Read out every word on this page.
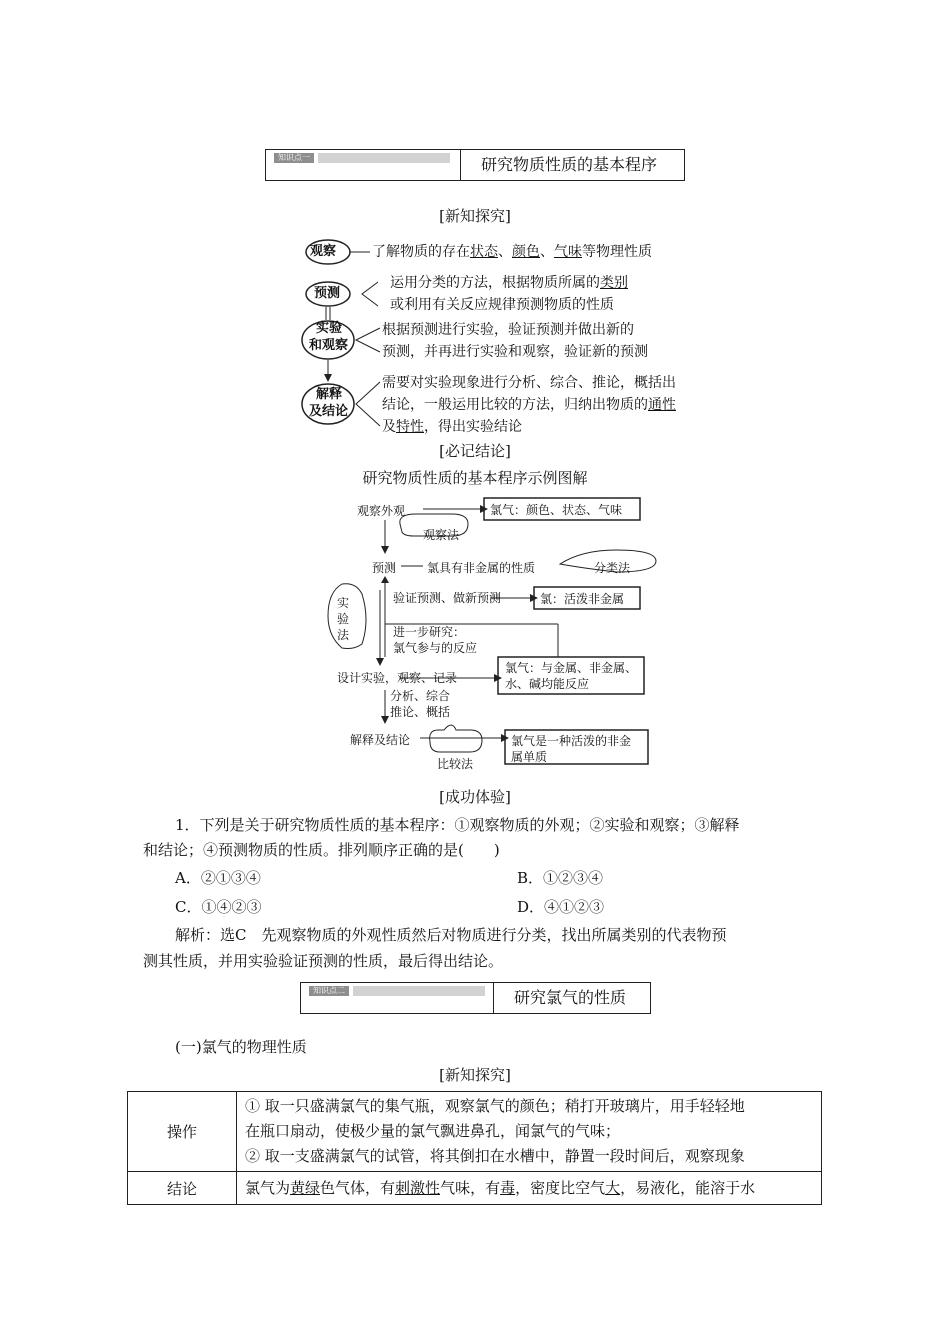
知识点一	研究物质性质的基本程序
[新知探究]
观察
预测
实验
和观察
解释
及结论
了解物质的存在状态、颜色、气味等物理性质
运用分类的方法，根据物质所属的类别
或利用有关反应规律预测物质的性质
根据预测进行实验，验证预测并做出新的
预测，并再进行实验和观察，验证新的预测
需要对实验现象进行分析、综合、推论，概括出
结论，一般运用比较的方法，归纳出物质的通性
及特性，得出实验结论
[必记结论]
研究物质性质的基本程序示例图解
观察外观	氯气：颜色、状态、气味
观察法
预测	氯具有非金属的性质	分类法
实
验
法
验证预测、做新预测	氯：活泼非金属
进一步研究：
氯气参与的反应
设计实验，观察、记录
氯气：与金属、非金属、
水、碱均能反应
分析、综合
推论、概括
解释及结论	氯气是一种活泼的非金
属单质
比较法
[成功体验]
1．下列是关于研究物质性质的基本程序：①观察物质的外观；②实验和观察；③解释
和结论；④预测物质的性质。排列顺序正确的是(　　)
A．②①③④	B．①②③④
C．①④②③	D．④①②③
解析：选C　先观察物质的外观性质然后对物质进行分类，找出所属类别的代表物预
测其性质，并用实验验证预测的性质，最后得出结论。
知识点二	研究氯气的性质
(一)氯气的物理性质
[新知探究]
操作	① 取一只盛满氯气的集气瓶，观察氯气的颜色；稍打开玻璃片，用手轻轻地
在瓶口扇动，使极少量的氯气飘进鼻孔，闻氯气的气味；
② 取一支盛满氯气的试管，将其倒扣在水槽中，静置一段时间后，观察现象

结论	氯气为黄绿色气体，有刺激性气味，有毒，密度比空气大，易液化，能溶于水
